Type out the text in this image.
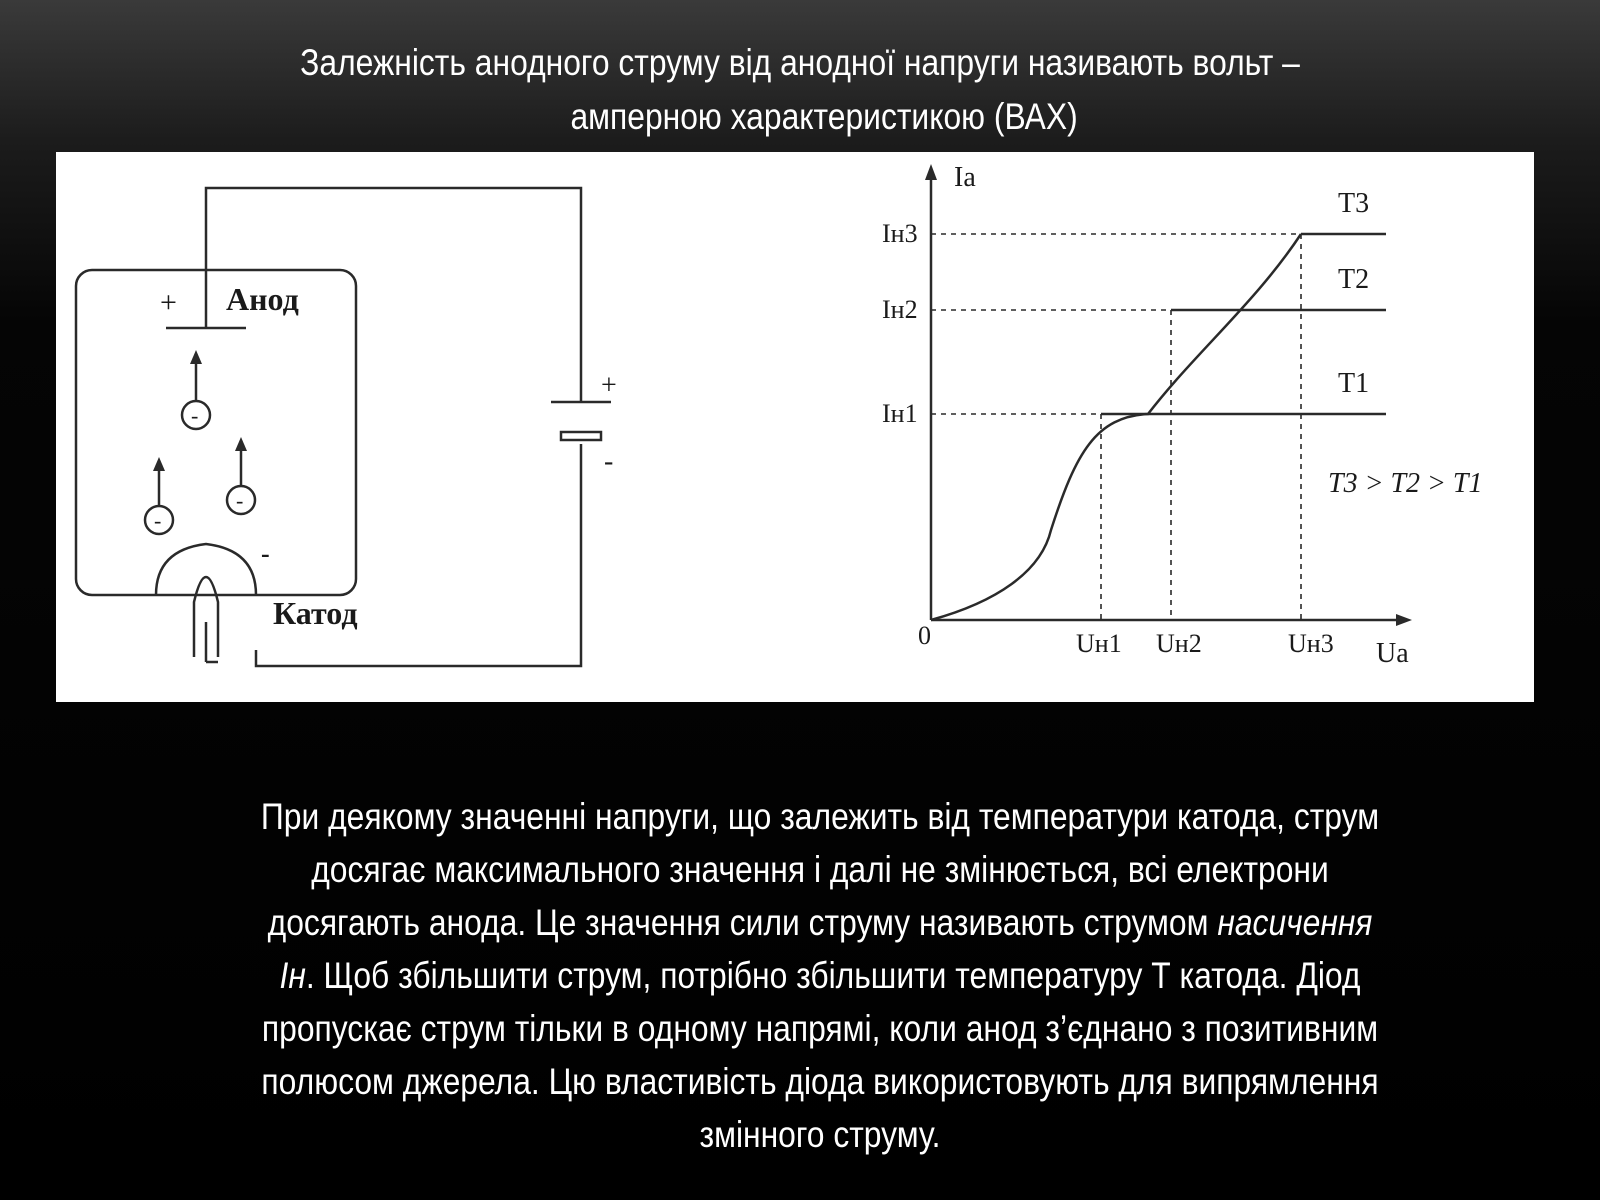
Залежність анодного струму від анодної напруги називають вольт –
амперною характеристикою (ВАХ)
+ Анод
Катод
-
+
-
-
-
-
Iа
Uа
0
Iн3
Iн2
Iн1
Uн1 Uн2	Uн3
T3
T2
T1
T3 > T2 > T1

При деякому значенні напруги, що залежить від температури катода, струм досягає максимального значення і далі не змінюється, всі електрони досягають анода. Це значення сили струму називають струмом насичення
Iн. Щоб збільшити струм, потрібно збільшити температуру Т катода. Діод пропускає струм тільки в одному напрямі, коли анод з’єднано з позитивним полюсом джерела. Цю властивість діода використовують для випрямлення змінного струму.
